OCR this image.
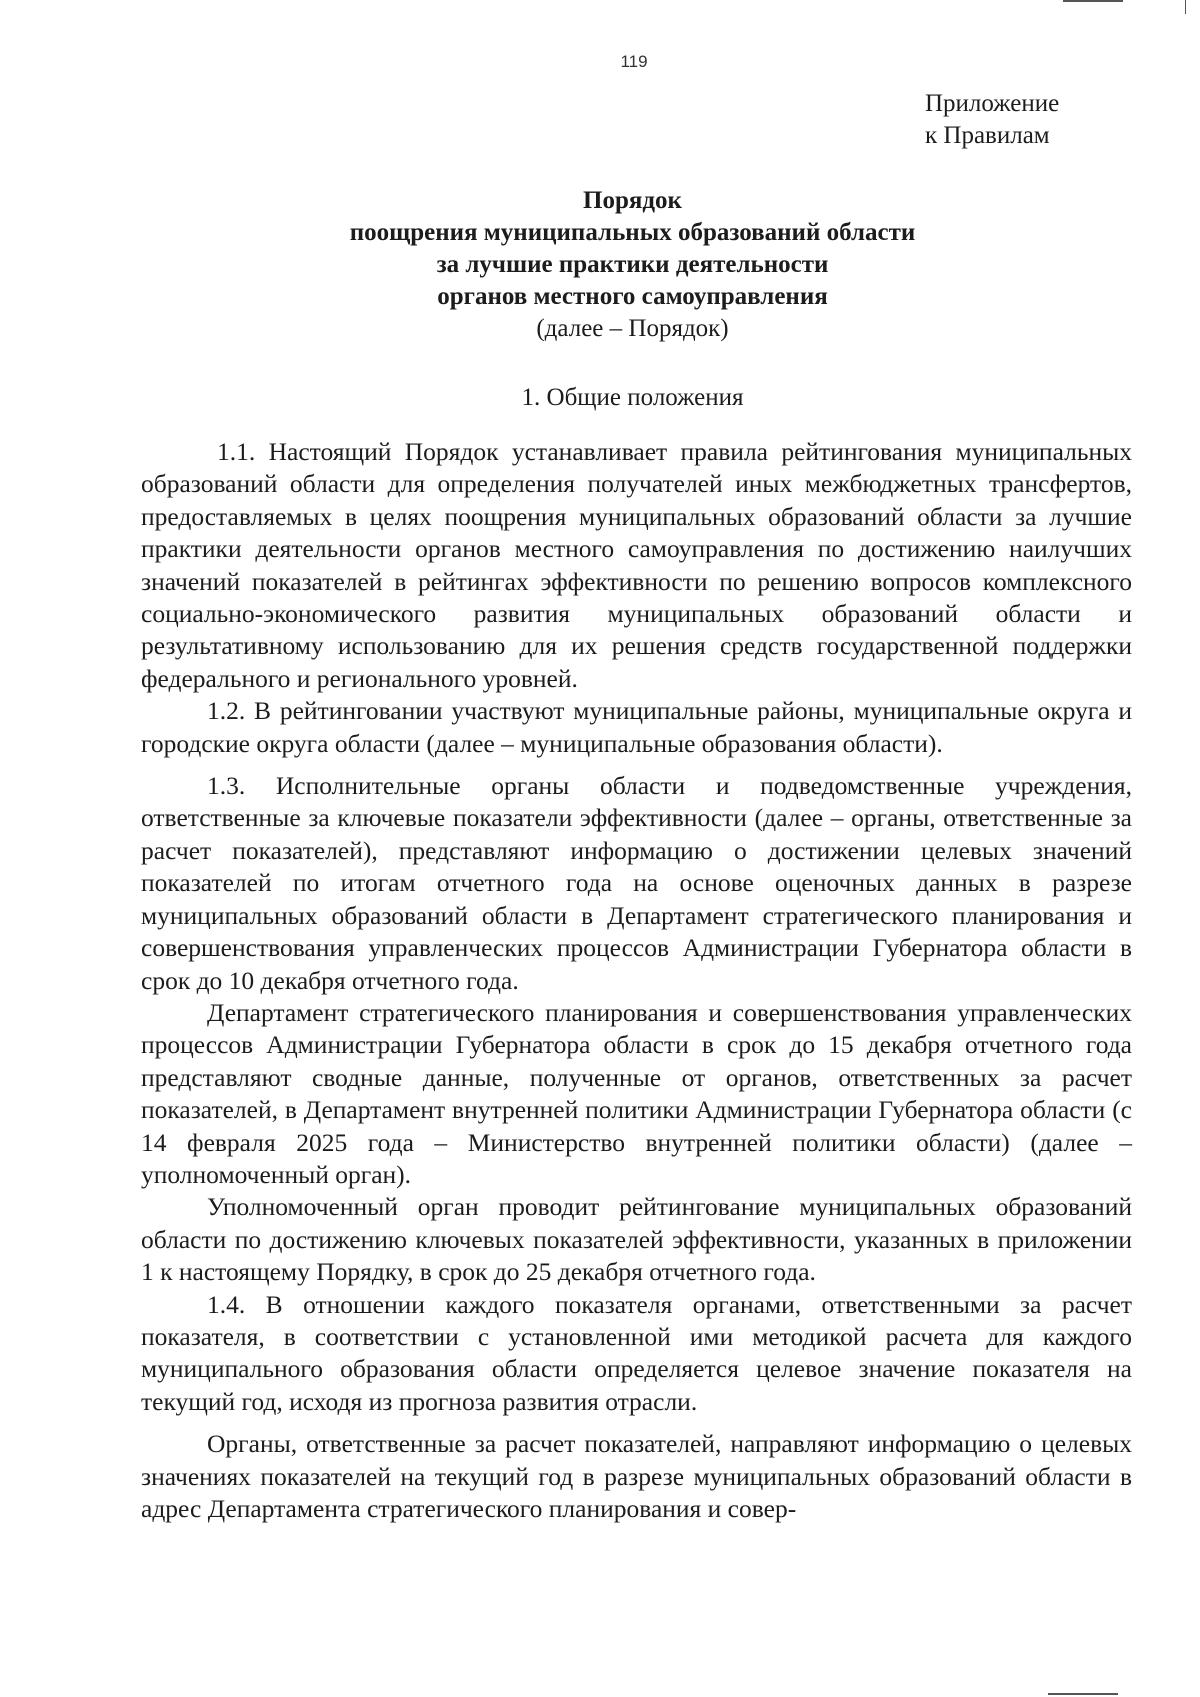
119
Приложение
к Правилам
Порядок
поощрения муниципальных образований области
за лучшие практики деятельности
органов местного самоуправления
(далее – Порядок)
1. Общие положения

1.1. Настоящий Порядок устанавливает правила рейтингования муниципальных образований области для определения получателей иных межбюджетных трансфертов, предоставляемых в целях поощрения муниципальных образований области за лучшие практики деятельности органов местного самоуправления по достижению наилучших значений показателей в рейтингах эффективности по решению вопросов комплексного социально-экономического развития муниципальных образований области и результативному использованию для их решения средств государственной поддержки федерального и регионального уровней.

1.2. В рейтинговании участвуют муниципальные районы, муниципальные округа и городские округа области (далее – муниципальные образования области).

1.3. Исполнительные органы области и подведомственные учреждения, ответственные за ключевые показатели эффективности (далее – органы, ответственные за расчет показателей), представляют информацию о достижении целевых значений показателей по итогам отчетного года на основе оценочных данных в разрезе муниципальных образований области в Департамент стратегического планирования и совершенствования управленческих процессов Администрации Губернатора области в срок до 10 декабря отчетного года.

Департамент стратегического планирования и совершенствования управленческих процессов Администрации Губернатора области в срок до 15 декабря отчетного года представляют сводные данные, полученные от органов, ответственных за расчет показателей, в Департамент внутренней политики Администрации Губернатора области (с 14 февраля 2025 года – Министерство внутренней политики области) (далее – уполномоченный орган).

Уполномоченный орган проводит рейтингование муниципальных образований области по достижению ключевых показателей эффективности, указанных в приложении 1 к настоящему Порядку, в срок до 25 декабря отчетного года.

1.4. В отношении каждого показателя органами, ответственными за расчет показателя, в соответствии с установленной ими методикой расчета для каждого муниципального образования области определяется целевое значение показателя на текущий год, исходя из прогноза развития отрасли.

Органы, ответственные за расчет показателей, направляют информацию о целевых значениях показателей на текущий год в разрезе муниципальных образований области в адрес Департамента стратегического планирования и совер-
